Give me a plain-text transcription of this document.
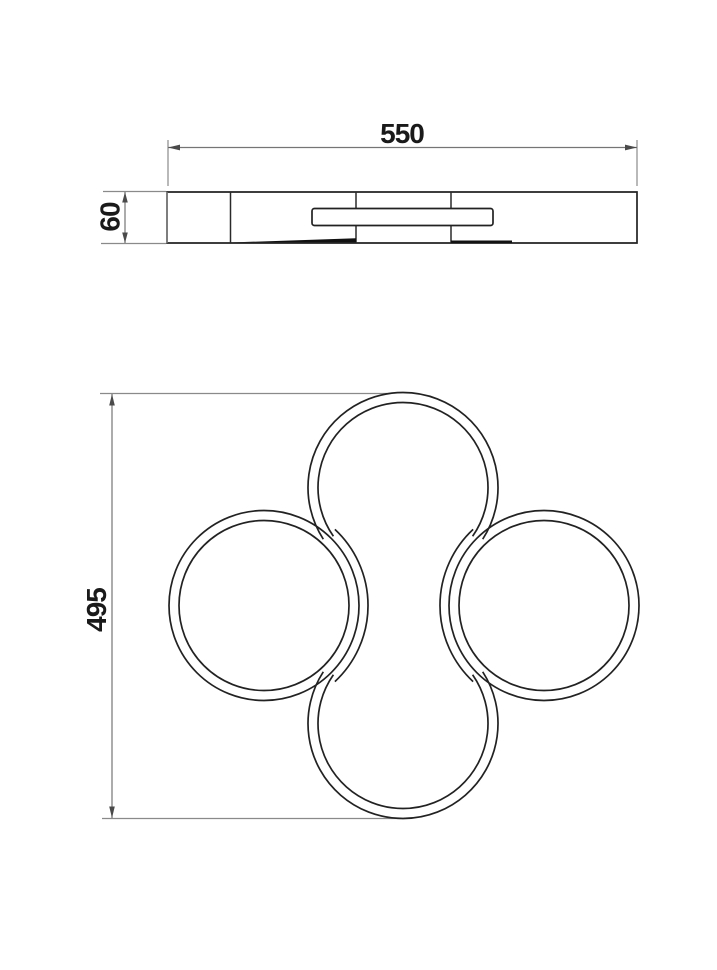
550
60
495
